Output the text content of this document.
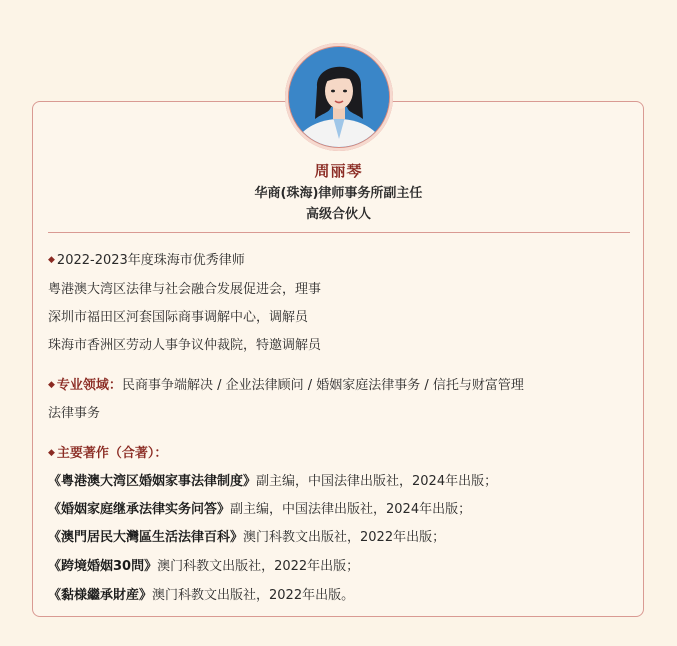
周丽琴
华商(珠海)律师事务所副主任
高级合伙人
◆ 2022-2023年度珠海市优秀律师
粤港澳大湾区法律与社会融合发展促进会，理事
深圳市福田区河套国际商事调解中心，调解员
珠海市香洲区劳动人事争议仲裁院，特邀调解员
◆ 专业领域：民商事争端解决 / 企业法律顾问 / 婚姻家庭法律事务 / 信托与财富管理
法律事务
◆ 主要著作（合著）：
《粤港澳大湾区婚姻家事法律制度》副主编，中国法律出版社，2024年出版；
《婚姻家庭继承法律实务问答》副主编，中国法律出版社，2024年出版；
《澳門居民大灣區生活法律百科》澳门科教文出版社，2022年出版；
《跨境婚姻30問》澳门科教文出版社，2022年出版；
《黏様繼承財産》澳门科教文出版社，2022年出版。
